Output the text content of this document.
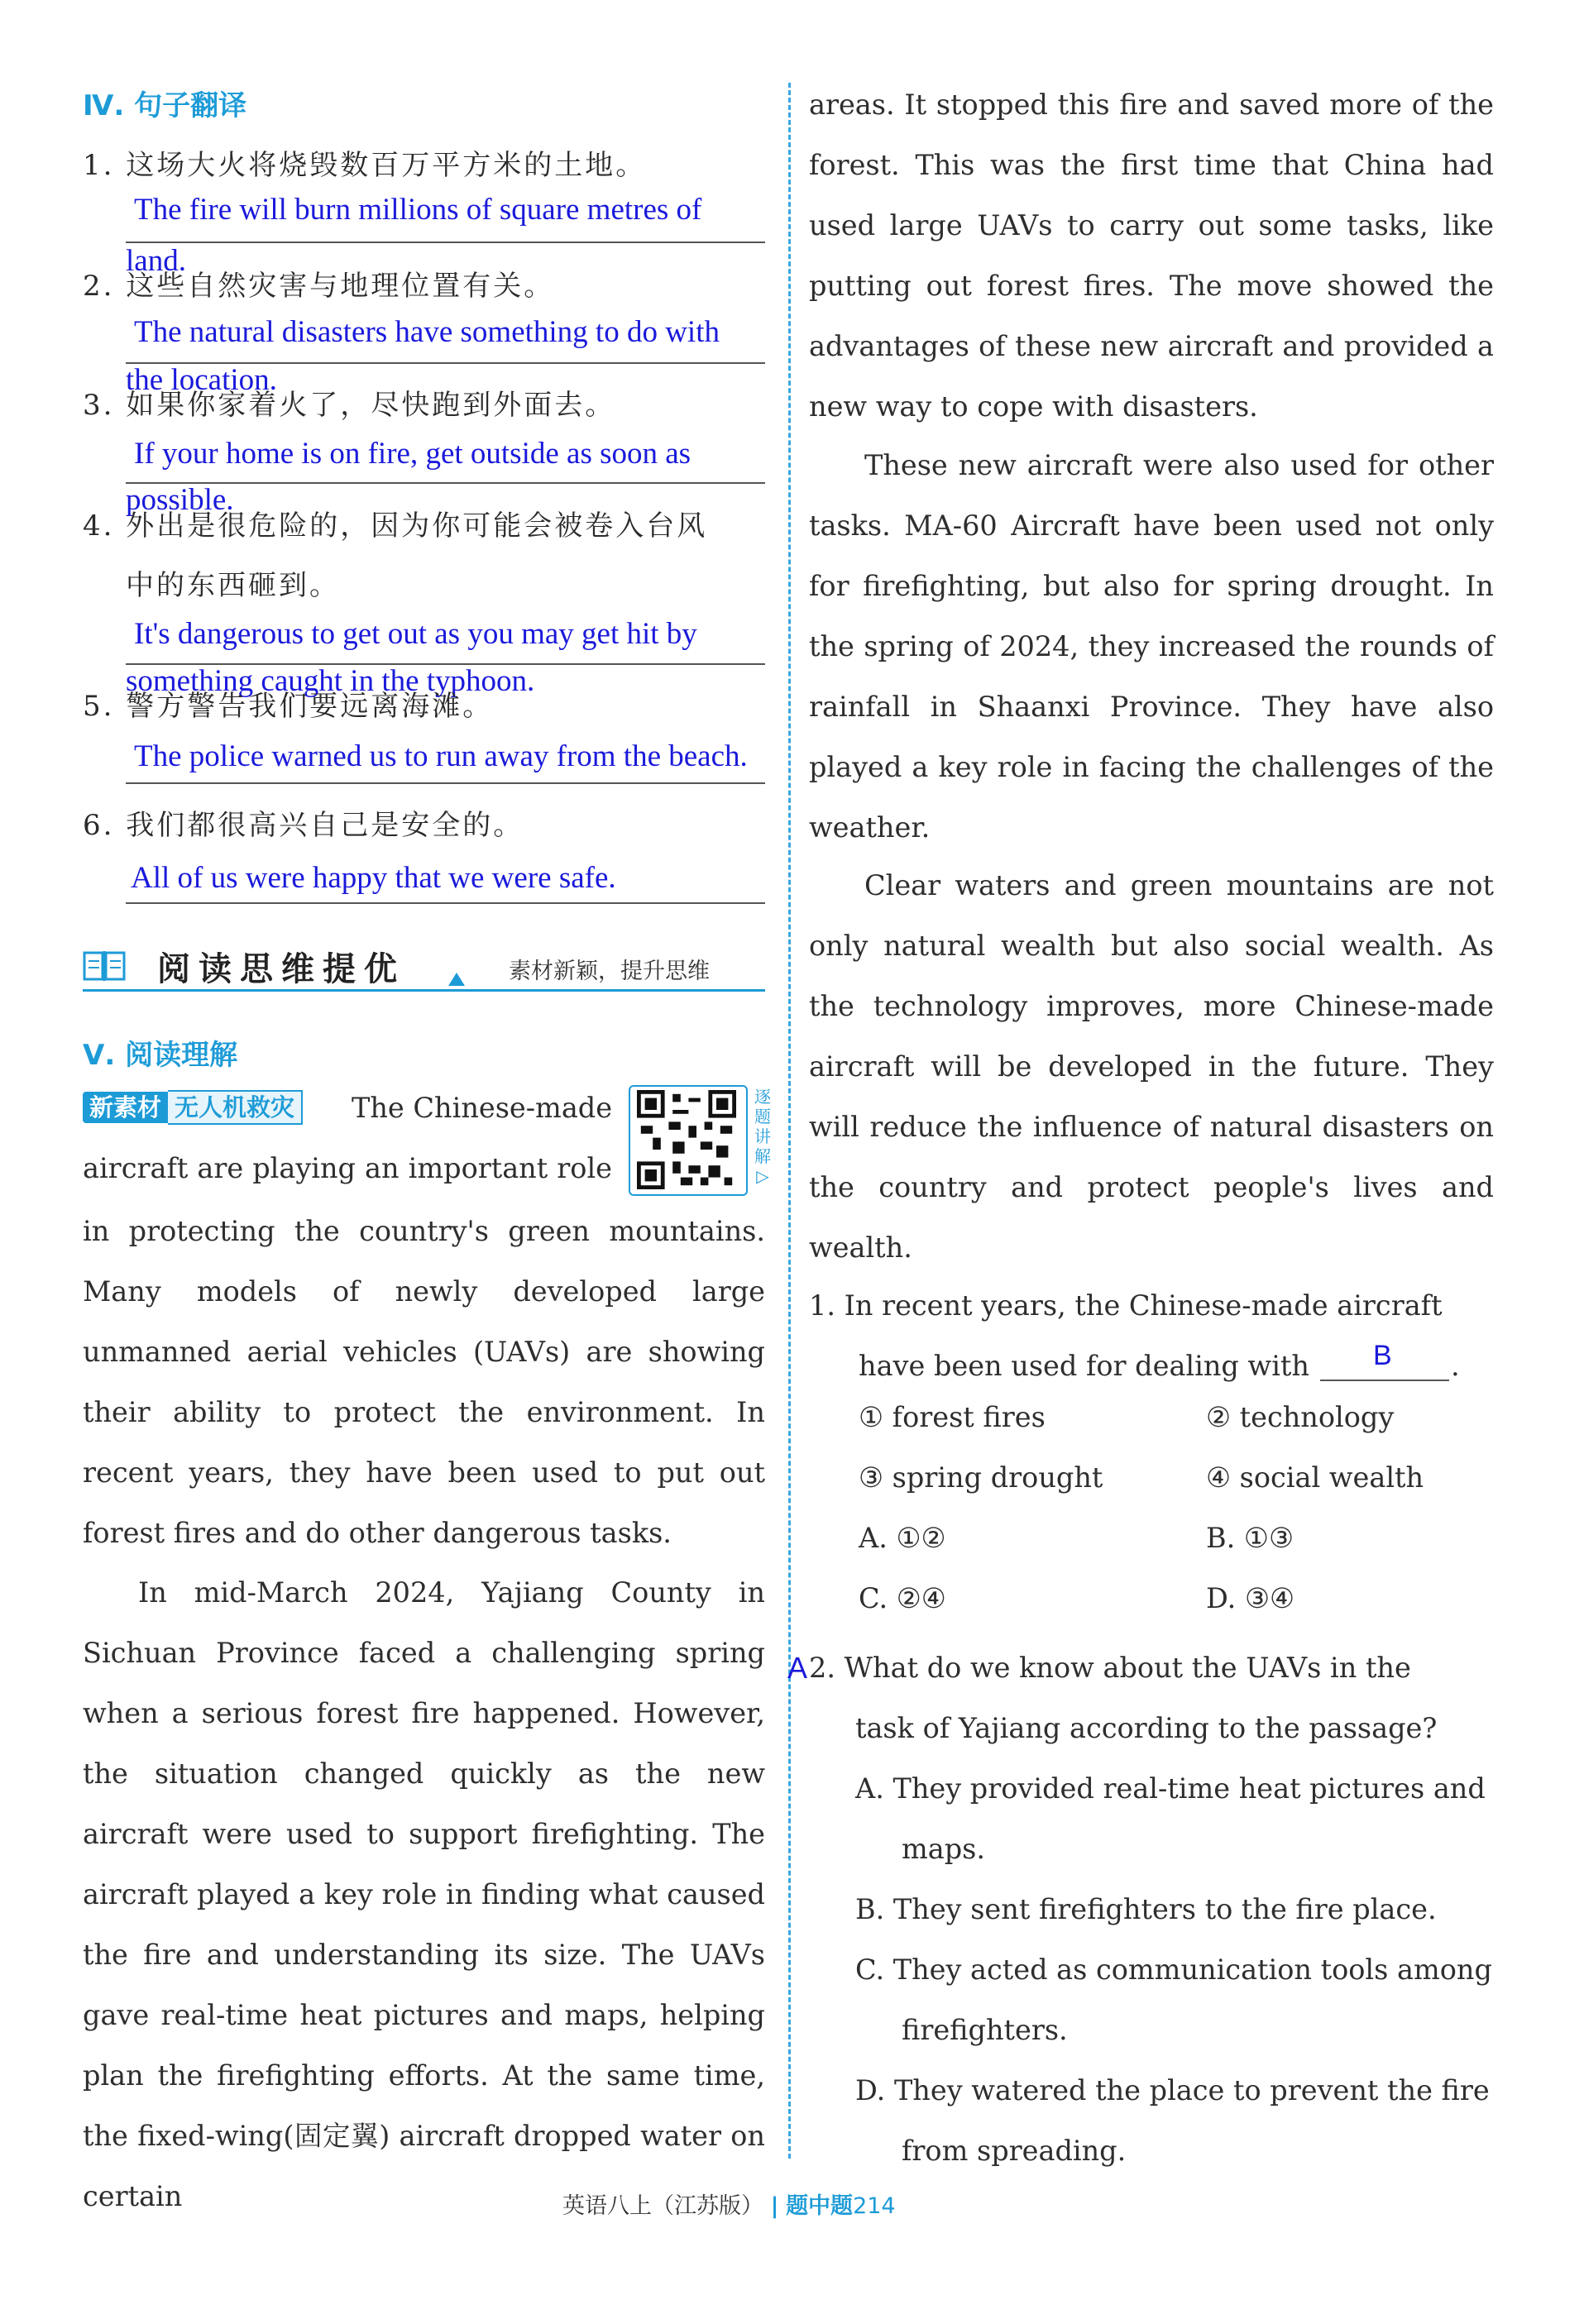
Ⅳ. 句子翻译
1. 这场大火将烧毁数百万平方米的土地。
The fire will burn millions of square metres of
land.
2. 这些自然灾害与地理位置有关。
The natural disasters have something to do with
the location.
3. 如果你家着火了，尽快跑到外面去。
If your home is on fire, get outside as soon as
possible.
4. 外出是很危险的，因为你可能会被卷入台风
中的东西砸到。
It's dangerous to get out as you may get hit by
something caught in the typhoon.
5. 警方警告我们要远离海滩。
The police warned us to run away from the beach.
6. 我们都很高兴自己是安全的。
All of us were happy that we were safe.
阅读思维提优	素材新颖，提升思维
Ⅴ. 阅读理解
新素材 无人机救灾 The Chinese-made
aircraft are playing an important role
逐
题
讲
解
▷
in protecting the country's green mountains. Many models of newly developed large unmanned aerial vehicles (UAVs) are showing their ability to protect the environment. In recent years, they have been used to put out forest fires and do other dangerous tasks.
In mid-March 2024, Yajiang County in Sichuan Province faced a challenging spring when a serious forest fire happened. However, the situation changed quickly as the new aircraft were used to support firefighting. The aircraft played a key role in finding what caused the fire and understanding its size. The UAVs gave real-time heat pictures and maps, helping plan the firefighting efforts. At the same time, the fixed-wing(固定翼) aircraft dropped water on certain
areas. It stopped this fire and saved more of the forest. This was the first time that China had used large UAVs to carry out some tasks, like putting out forest fires. The move showed the advantages of these new aircraft and provided a new way to cope with disasters.
These new aircraft were also used for other tasks. MA-60 Aircraft have been used not only for firefighting, but also for spring drought. In the spring of 2024, they increased the rounds of rainfall in Shaanxi Province. They have also played a key role in facing the challenges of the weather.
Clear waters and green mountains are not only natural wealth but also social wealth. As the technology improves, more Chinese-made aircraft will be developed in the future. They will reduce the influence of natural disasters on the country and protect people's lives and wealth.
1. In recent years, the Chinese-made aircraft
have been used for dealing with B .
① forest fires	② technology
③ spring drought	④ social wealth
A. ①②	B. ①③
C. ②④	D. ③④
A 2. What do we know about the UAVs in the
task of Yajiang according to the passage?
A. They provided real-time heat pictures and
maps.
B. They sent firefighters to the fire place.
C. They acted as communication tools among
firefighters.
D. They watered the place to prevent the fire
from spreading.
英语八上（江苏版） | 题中题214
